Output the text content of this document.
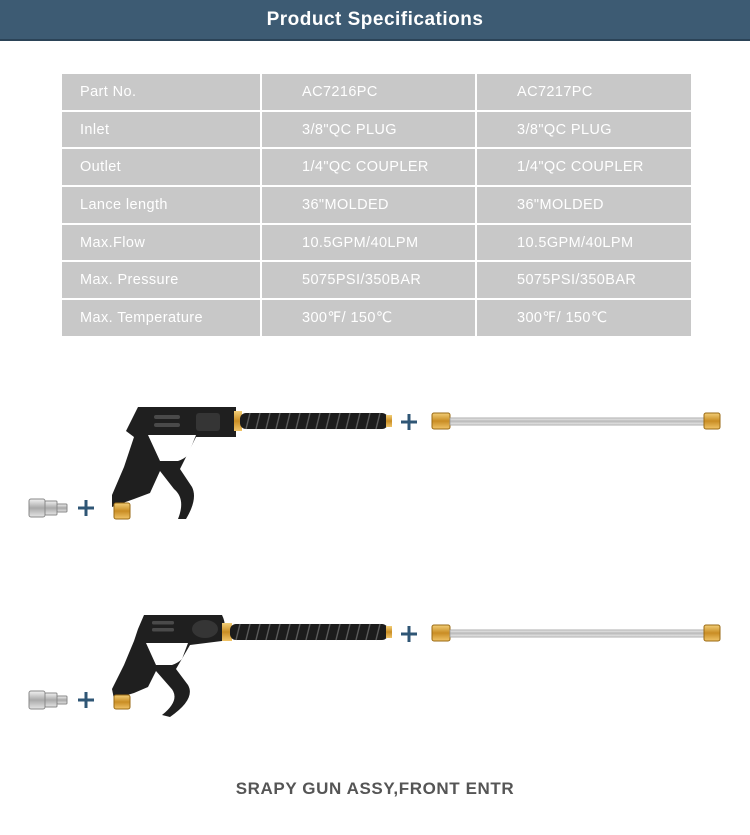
Product Specifications
Part No.	AC7216PC	AC7217PC
Inlet	3/8"QC PLUG	3/8"QC PLUG
Outlet	1/4"QC COUPLER	1/4"QC COUPLER
Lance length	36"MOLDED	36"MOLDED
Max.Flow	10.5GPM/40LPM	10.5GPM/40LPM
Max. Pressure	5075PSI/350BAR	5075PSI/350BAR
Max. Temperature	300℉/ 150℃	300℉/ 150℃
SRAPY GUN ASSY,FRONT ENTR
